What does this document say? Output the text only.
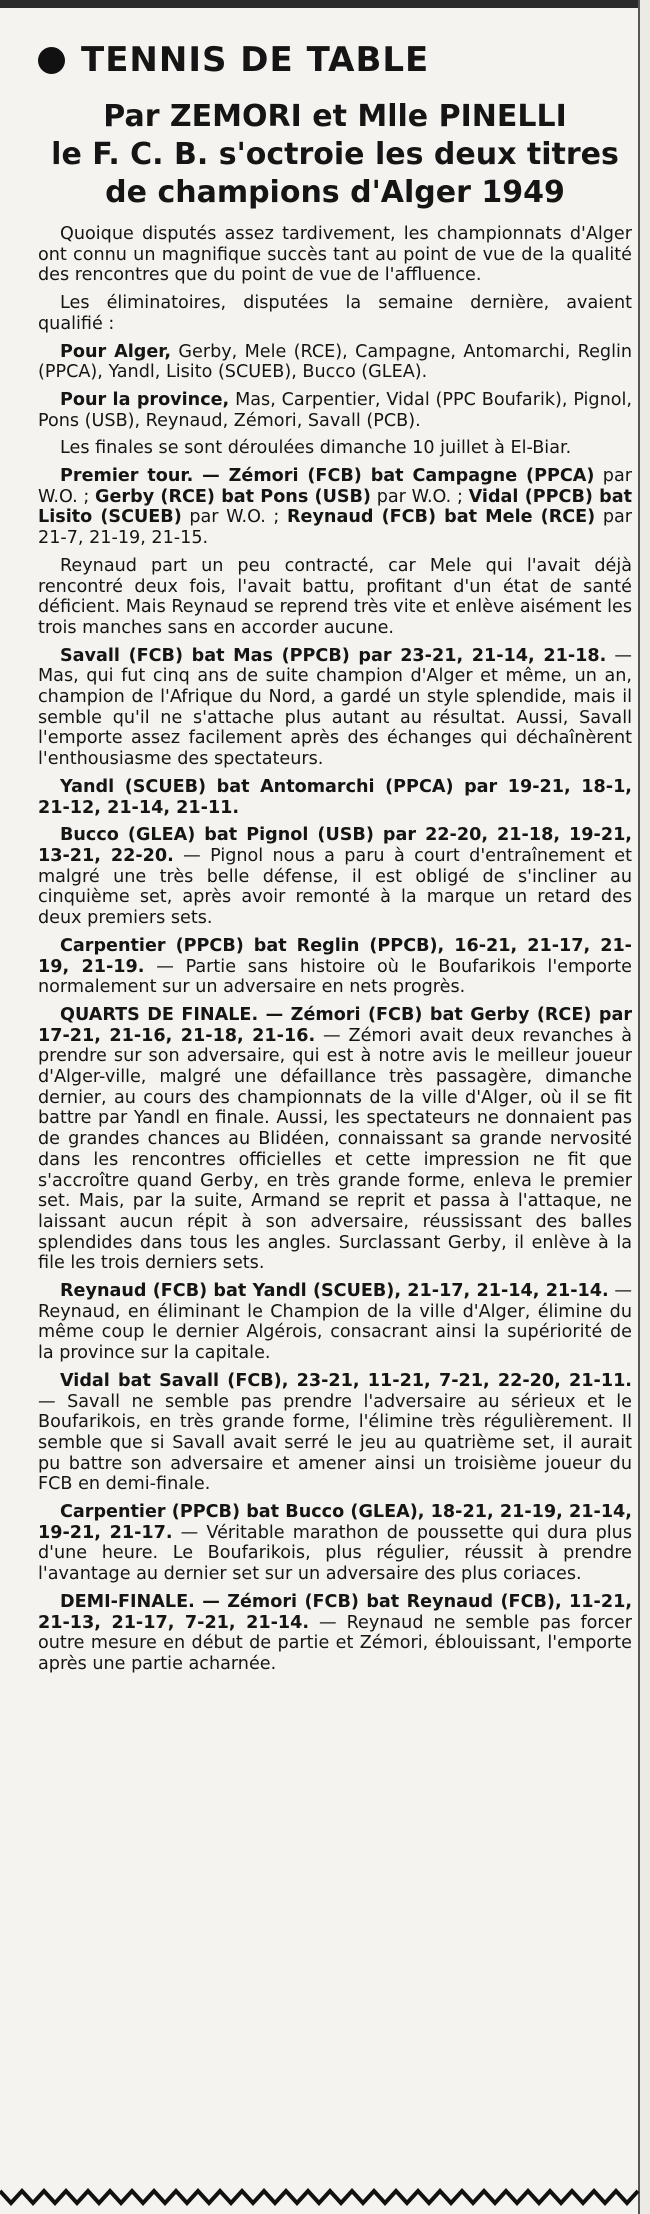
TENNIS DE TABLE
Par ZEMORI et Mlle PINELLI
le F. C. B. s'octroie les deux titres
de champions d'Alger 1949

Quoique disputés assez tardivement, les championnats d'Alger ont connu un magnifique succès tant au point de vue de la qualité des rencontres que du point de vue de l'affluence.

Les éliminatoires, disputées la semaine dernière, avaient qualifié :

Pour Alger, Gerby, Mele (RCE), Campagne, Antomarchi, Reglin (PPCA), Yandl, Lisito (SCUEB), Bucco (GLEA).

Pour la province, Mas, Carpentier, Vidal (PPC Boufarik), Pignol, Pons (USB), Reynaud, Zémori, Savall (PCB).

Les finales se sont déroulées dimanche 10 juillet à El-Biar.

Premier tour. — Zémori (FCB) bat Campagne (PPCA) par W.O. ; Gerby (RCE) bat Pons (USB) par W.O. ; Vidal (PPCB) bat Lisito (SCUEB) par W.O. ; Reynaud (FCB) bat Mele (RCE) par 21-7, 21-19, 21-15.

Reynaud part un peu contracté, car Mele qui l'avait déjà rencontré deux fois, l'avait battu, profitant d'un état de santé déficient. Mais Reynaud se reprend très vite et enlève aisément les trois manches sans en accorder aucune.

Savall (FCB) bat Mas (PPCB) par 23-21, 21-14, 21-18. — Mas, qui fut cinq ans de suite champion d'Alger et même, un an, champion de l'Afrique du Nord, a gardé un style splendide, mais il semble qu'il ne s'attache plus autant au résultat. Aussi, Savall l'emporte assez facilement après des échanges qui déchaînèrent l'enthousiasme des spectateurs.

Yandl (SCUEB) bat Antomarchi (PPCA) par 19-21, 18-1, 21-12, 21-14, 21-11.

Bucco (GLEA) bat Pignol (USB) par 22-20, 21-18, 19-21, 13-21, 22-20. — Pignol nous a paru à court d'entraînement et malgré une très belle défense, il est obligé de s'incliner au cinquième set, après avoir remonté à la marque un retard des deux premiers sets.

Carpentier (PPCB) bat Reglin (PPCB), 16-21, 21-17, 21-19, 21-19. — Partie sans histoire où le Boufarikois l'emporte normalement sur un adversaire en nets progrès.

QUARTS DE FINALE. — Zémori (FCB) bat Gerby (RCE) par 17-21, 21-16, 21-18, 21-16. — Zémori avait deux revanches à prendre sur son adversaire, qui est à notre avis le meilleur joueur d'Alger-ville, malgré une défaillance très passagère, dimanche dernier, au cours des championnats de la ville d'Alger, où il se fit battre par Yandl en finale. Aussi, les spectateurs ne donnaient pas de grandes chances au Blidéen, connaissant sa grande nervosité dans les rencontres officielles et cette impression ne fit que s'accroître quand Gerby, en très grande forme, enleva le premier set. Mais, par la suite, Armand se reprit et passa à l'attaque, ne laissant aucun répit à son adversaire, réussissant des balles splendides dans tous les angles. Surclassant Gerby, il enlève à la file les trois derniers sets.

Reynaud (FCB) bat Yandl (SCUEB), 21-17, 21-14, 21-14. — Reynaud, en éliminant le Champion de la ville d'Alger, élimine du même coup le dernier Algérois, consacrant ainsi la supériorité de la province sur la capitale.

Vidal bat Savall (FCB), 23-21, 11-21, 7-21, 22-20, 21-11. — Savall ne semble pas prendre l'adversaire au sérieux et le Boufarikois, en très grande forme, l'élimine très régulièrement. Il semble que si Savall avait serré le jeu au quatrième set, il aurait pu battre son adversaire et amener ainsi un troisième joueur du FCB en demi-finale.

Carpentier (PPCB) bat Bucco (GLEA), 18-21, 21-19, 21-14, 19-21, 21-17. — Véritable marathon de poussette qui dura plus d'une heure. Le Boufarikois, plus régulier, réussit à prendre l'avantage au dernier set sur un adversaire des plus coriaces.

DEMI-FINALE. — Zémori (FCB) bat Reynaud (FCB), 11-21, 21-13, 21-17, 7-21, 21-14. — Reynaud ne semble pas forcer outre mesure en début de partie et Zémori, éblouissant, l'emporte après une partie acharnée.
